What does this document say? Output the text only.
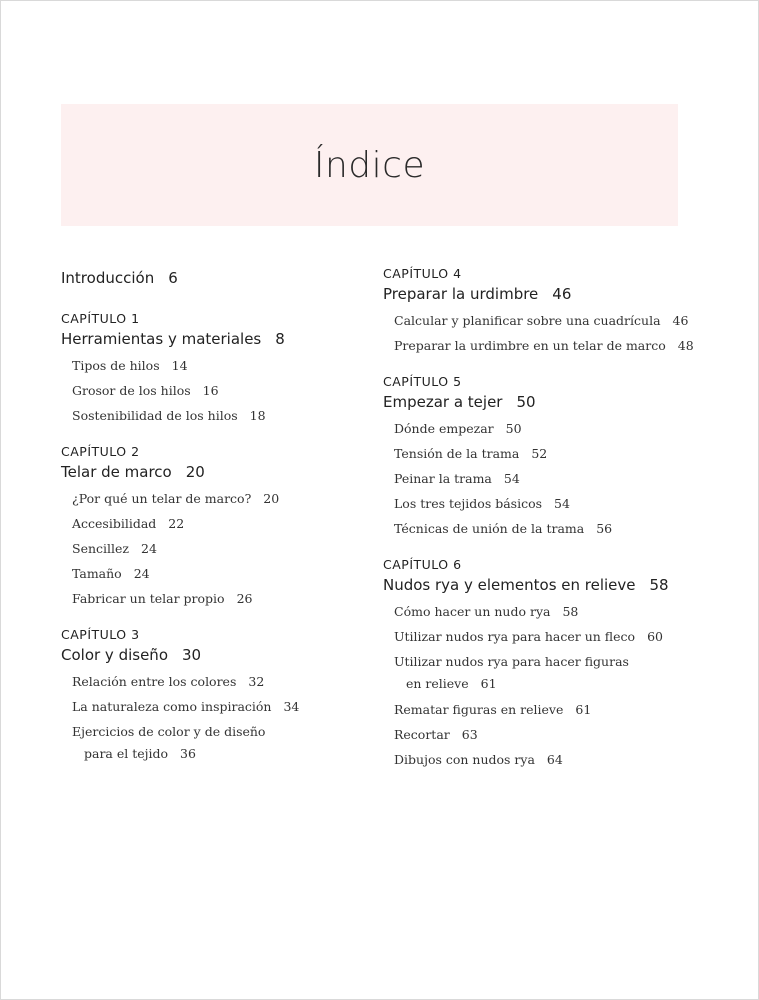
Índice
Introducción 6
CAPÍTULO 1
Herramientas y materiales 8
Tipos de hilos 14
Grosor de los hilos 16
Sostenibilidad de los hilos 18
CAPÍTULO 2
Telar de marco 20
¿Por qué un telar de marco? 20
Accesibilidad 22
Sencillez 24
Tamaño 24
Fabricar un telar propio 26
CAPÍTULO 3
Color y diseño 30
Relación entre los colores 32
La naturaleza como inspiración 34
Ejercicios de color y de diseño
para el tejido 36
CAPÍTULO 4
Preparar la urdimbre 46
Calcular y planificar sobre una cuadrícula 46
Preparar la urdimbre en un telar de marco 48
CAPÍTULO 5
Empezar a tejer 50
Dónde empezar 50
Tensión de la trama 52
Peinar la trama 54
Los tres tejidos básicos 54
Técnicas de unión de la trama 56
CAPÍTULO 6
Nudos rya y elementos en relieve 58
Cómo hacer un nudo rya 58
Utilizar nudos rya para hacer un fleco 60
Utilizar nudos rya para hacer figuras
en relieve 61
Rematar figuras en relieve 61
Recortar 63
Dibujos con nudos rya 64
